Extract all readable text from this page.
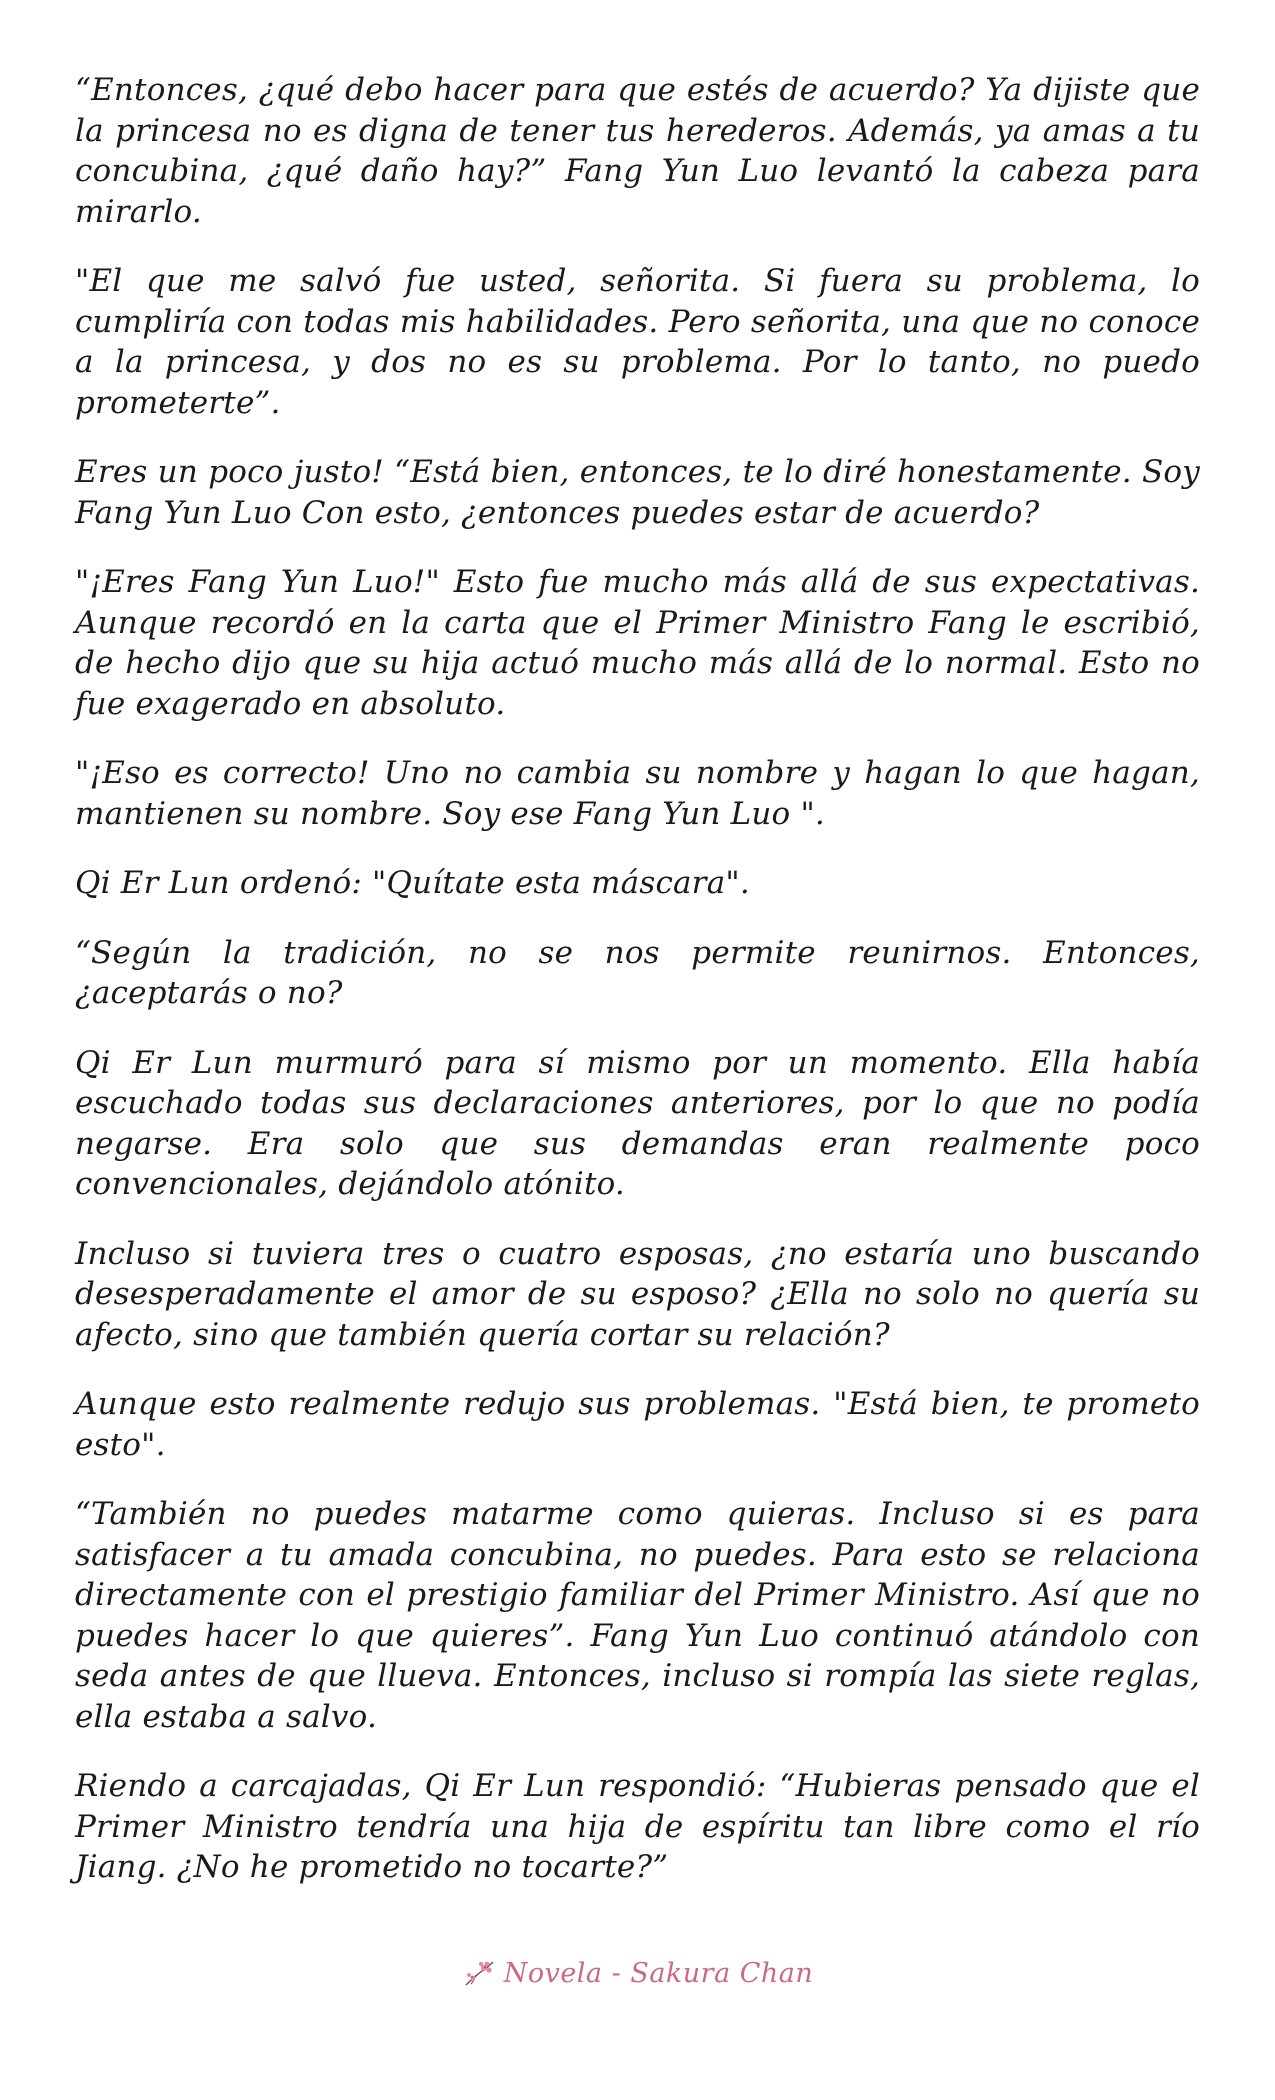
“Entonces, ¿qué debo hacer para que estés de acuerdo? Ya dijiste que la princesa no es digna de tener tus herederos. Además, ya amas a tu concubina, ¿qué daño hay?” Fang Yun Luo levantó la cabeza para mirarlo.

"El que me salvó fue usted, señorita. Si fuera su problema, lo cumpliría con todas mis habilidades. Pero señorita, una que no conoce a la princesa, y dos no es su problema. Por lo tanto, no puedo prometerte”.

Eres un poco justo! “Está bien, entonces, te lo diré honestamente. Soy Fang Yun Luo Con esto, ¿entonces puedes estar de acuerdo?

"¡Eres Fang Yun Luo!" Esto fue mucho más allá de sus expectativas. Aunque recordó en la carta que el Primer Ministro Fang le escribió, de hecho dijo que su hija actuó mucho más allá de lo normal. Esto no fue exagerado en absoluto.

"¡Eso es correcto! Uno no cambia su nombre y hagan lo que hagan, mantienen su nombre. Soy ese Fang Yun Luo ".

Qi Er Lun ordenó: "Quítate esta máscara".

“Según la tradición, no se nos permite reunirnos. Entonces, ¿aceptarás o no?

Qi Er Lun murmuró para sí mismo por un momento. Ella había escuchado todas sus declaraciones anteriores, por lo que no podía negarse. Era solo que sus demandas eran realmente poco convencionales, dejándolo atónito.

Incluso si tuviera tres o cuatro esposas, ¿no estaría uno buscando desesperadamente el amor de su esposo? ¿Ella no solo no quería su afecto, sino que también quería cortar su relación?

Aunque esto realmente redujo sus problemas. "Está bien, te prometo esto".

“También no puedes matarme como quieras. Incluso si es para satisfacer a tu amada concubina, no puedes. Para esto se relaciona directamente con el prestigio familiar del Primer Ministro. Así que no puedes hacer lo que quieres”. Fang Yun Luo continuó atándolo con seda antes de que llueva. Entonces, incluso si rompía las siete reglas, ella estaba a salvo.

Riendo a carcajadas, Qi Er Lun respondió: “Hubieras pensado que el Primer Ministro tendría una hija de espíritu tan libre como el río Jiang. ¿No he prometido no tocarte?”

Novela - Sakura Chan
